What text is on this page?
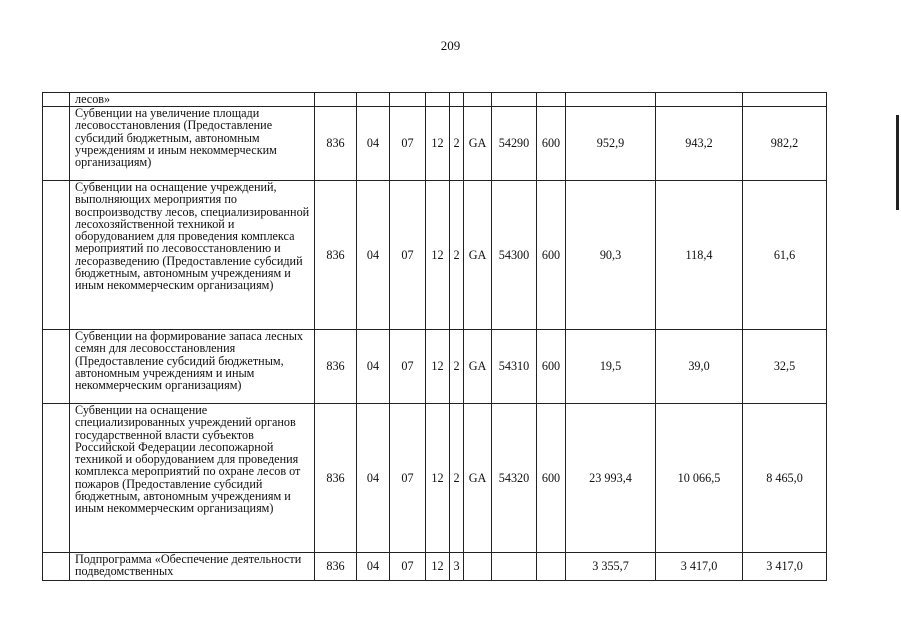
209
	лесов»											
	Субвенции на увеличение площади лесовосстановления (Предоставление субсидий бюджетным, автономным учреждениям и иным некоммерческим организациям)	836	04	07	12	2	GA	54290	600	952,9	943,2	982,2
	Субвенции на оснащение учреждений, выполняющих мероприятия по воспроизводству лесов, специализированной лесохозяйственной техникой и оборудованием для проведения комплекса мероприятий по лесовосстановлению и лесоразведению (Предоставление субсидий бюджетным, автономным учреждениям и иным некоммерческим организациям)	836	04	07	12	2	GA	54300	600	90,3	118,4	61,6
	Субвенции на формирование запаса лесных семян для лесовосстановления (Предоставление субсидий бюджетным, автономным учреждениям и иным некоммерческим организациям)	836	04	07	12	2	GA	54310	600	19,5	39,0	32,5
	Субвенции на оснащение специализированных учреждений органов государственной власти субъектов Российской Федерации лесопожарной техникой и оборудованием для проведения комплекса мероприятий по охране лесов от пожаров (Предоставление субсидий бюджетным, автономным учреждениям и иным некоммерческим организациям)	836	04	07	12	2	GA	54320	600	23 993,4	10 066,5	8 465,0
	Подпрограмма «Обеспечение деятельности подведомственных	836	04	07	12	3				3 355,7	3 417,0	3 417,0
